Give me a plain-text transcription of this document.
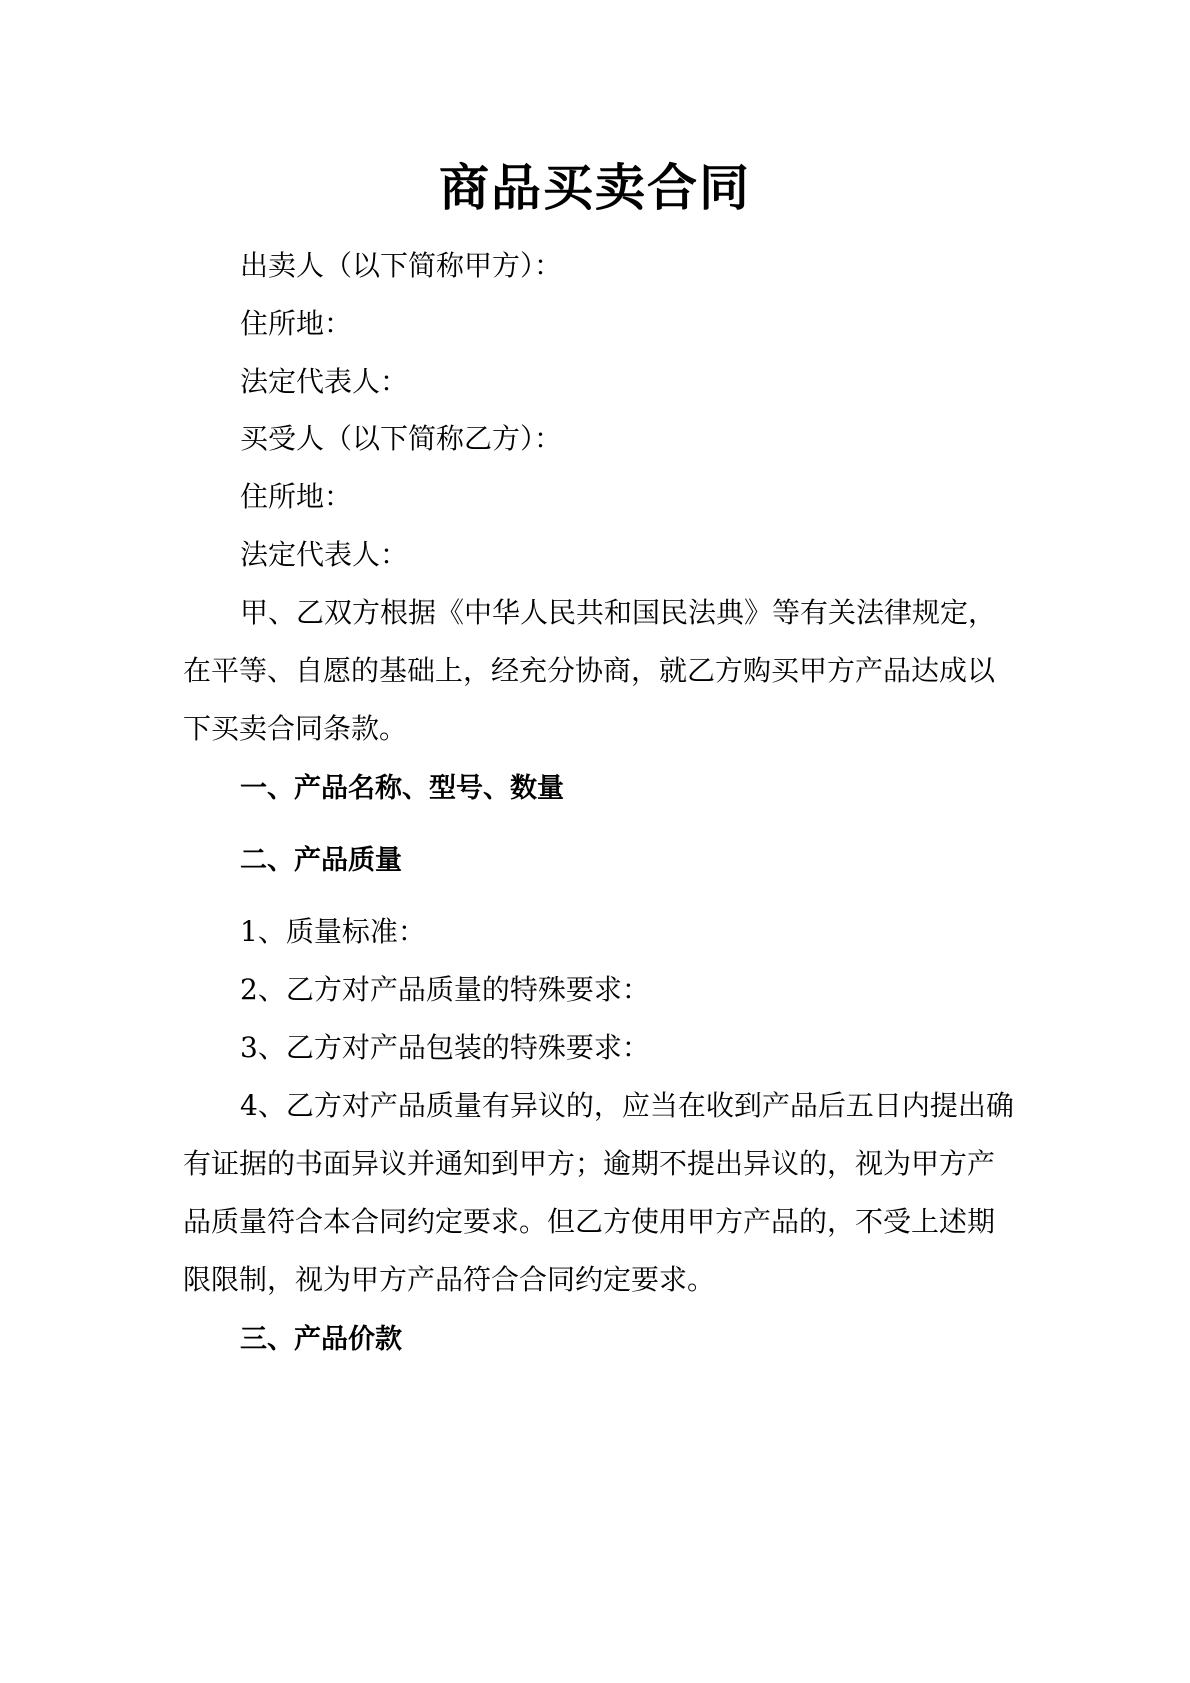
商品买卖合同

出卖人（以下简称甲方）：

住所地：

法定代表人：

买受人（以下简称乙方）：

住所地：

法定代表人：

甲、乙双方根据《中华人民共和国民法典》等有关法律规定，

在平等、自愿的基础上，经充分协商，就乙方购买甲方产品达成以

下买卖合同条款。

一、产品名称、型号、数量

二、产品质量

1、质量标准：

2、乙方对产品质量的特殊要求：

3、乙方对产品包装的特殊要求：

4、乙方对产品质量有异议的，应当在收到产品后五日内提出确

有证据的书面异议并通知到甲方；逾期不提出异议的，视为甲方产

品质量符合本合同约定要求。但乙方使用甲方产品的，不受上述期

限限制，视为甲方产品符合合同约定要求。

三、产品价款
